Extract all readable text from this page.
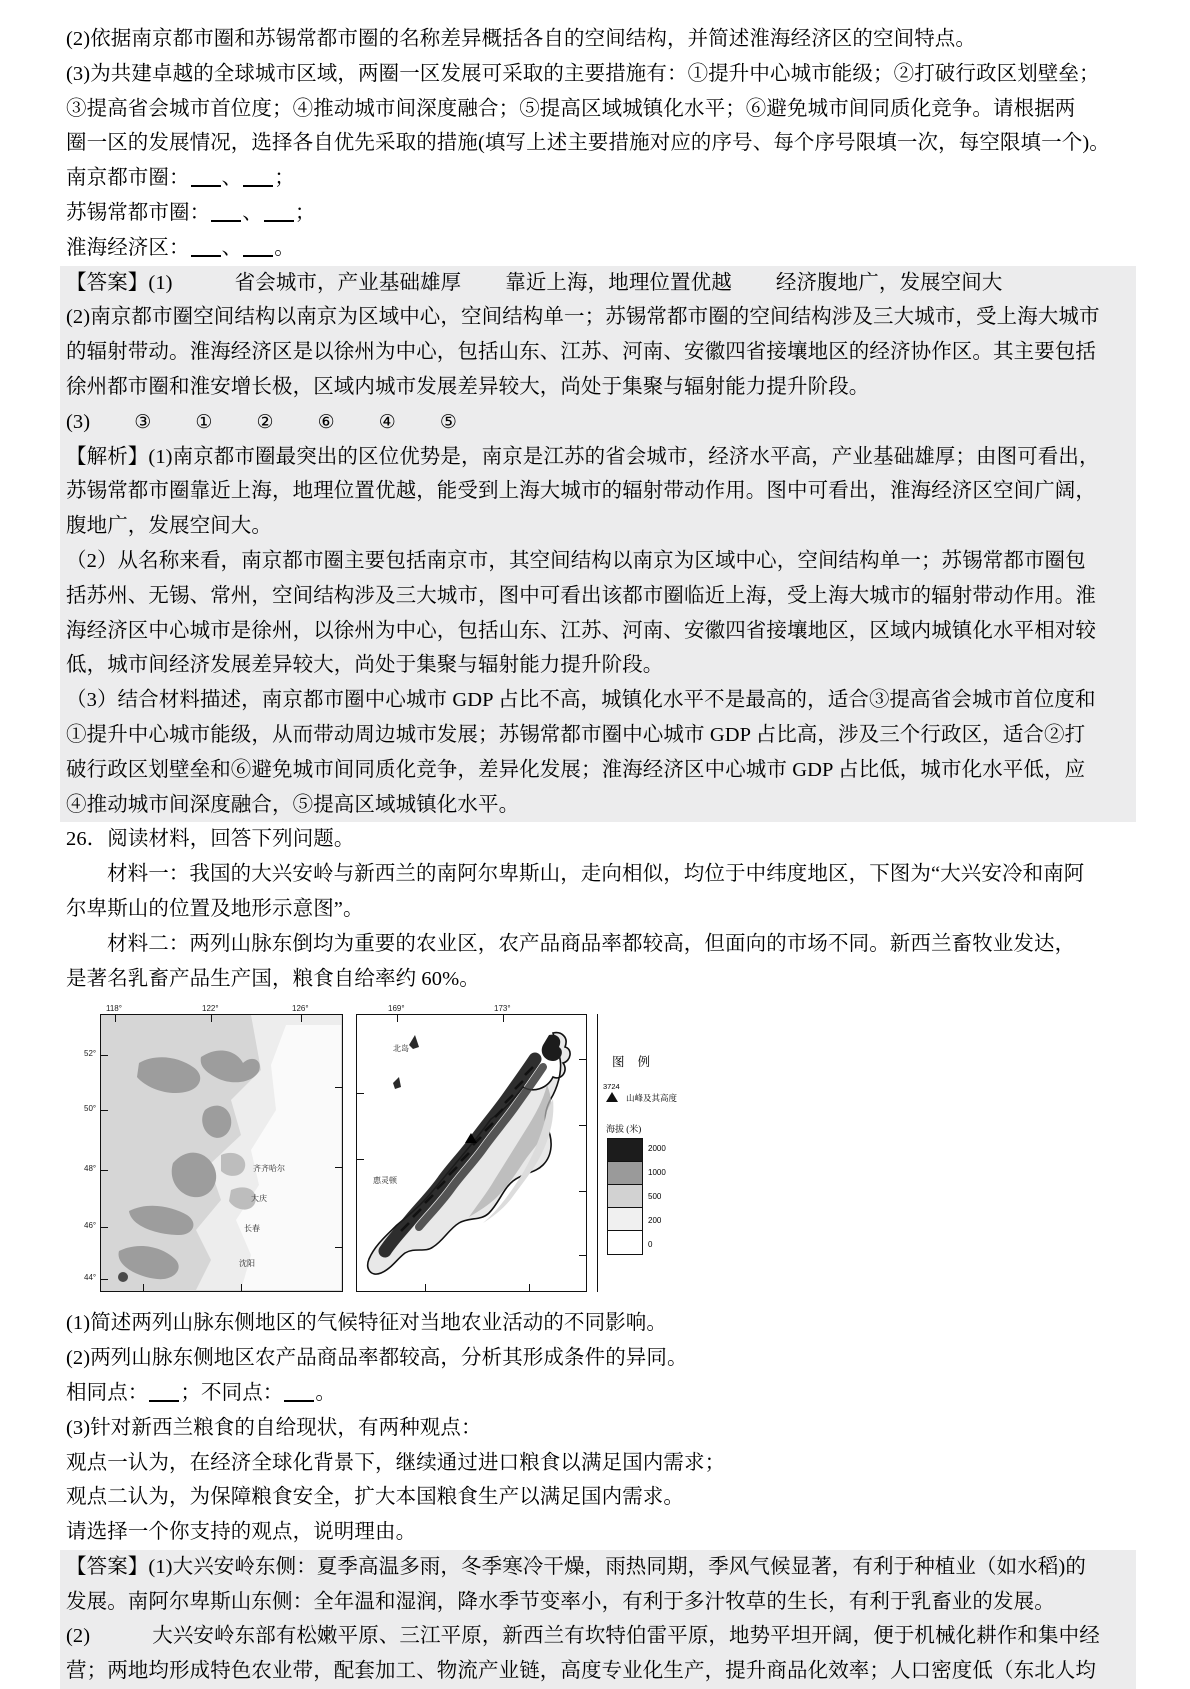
(2)依据南京都市圈和苏锡常都市圈的名称差异概括各自的空间结构，并简述淮海经济区的空间特点。

(3)为共建卓越的全球城市区域，两圈一区发展可采取的主要措施有：①提升中心城市能级；②打破行政区划壁垒；

③提高省会城市首位度；④推动城市间深度融合；⑤提高区域城镇化水平；⑥避免城市间同质化竞争。请根据两

圈一区的发展情况，选择各自优先采取的措施(填写上述主要措施对应的序号、每个序号限填一次，每空限填一个)。

南京都市圈： 、 ；

苏锡常都市圈： 、 ；

淮海经济区： 、 。

【答案】(1)	省会城市，产业基础雄厚 靠近上海，地理位置优越 经济腹地广，发展空间大

(2)南京都市圈空间结构以南京为区域中心，空间结构单一；苏锡常都市圈的空间结构涉及三大城市，受上海大城市

的辐射带动。淮海经济区是以徐州为中心，包括山东、江苏、河南、安徽四省接壤地区的经济协作区。其主要包括

徐州都市圈和淮安增长极，区域内城市发展差异较大，尚处于集聚与辐射能力提升阶段。

(3) ③ ① ② ⑥ ④ ⑤

【解析】(1)南京都市圈最突出的区位优势是，南京是江苏的省会城市，经济水平高，产业基础雄厚；由图可看出，

苏锡常都市圈靠近上海，地理位置优越，能受到上海大城市的辐射带动作用。图中可看出，淮海经济区空间广阔，

腹地广，发展空间大。

（2）从名称来看，南京都市圈主要包括南京市，其空间结构以南京为区域中心，空间结构单一；苏锡常都市圈包

括苏州、无锡、常州，空间结构涉及三大城市，图中可看出该都市圈临近上海，受上海大城市的辐射带动作用。淮

海经济区中心城市是徐州，以徐州为中心，包括山东、江苏、河南、安徽四省接壤地区，区域内城镇化水平相对较

低，城市间经济发展差异较大，尚处于集聚与辐射能力提升阶段。

（3）结合材料描述，南京都市圈中心城市 GDP 占比不高，城镇化水平不是最高的，适合③提高省会城市首位度和

①提升中心城市能级，从而带动周边城市发展；苏锡常都市圈中心城市 GDP 占比高，涉及三个行政区，适合②打

破行政区划壁垒和⑥避免城市间同质化竞争，差异化发展；淮海经济区中心城市 GDP 占比低，城市化水平低，应

④推动城市间深度融合，⑤提高区域城镇化水平。

26．阅读材料，回答下列问题。

材料一：我国的大兴安岭与新西兰的南阿尔卑斯山，走向相似，均位于中纬度地区，下图为“大兴安冷和南阿

尔卑斯山的位置及地形示意图”。

材料二：两列山脉东倒均为重要的农业区，农产品商品率都较高，但面向的市场不同。新西兰畜牧业发达，

是著名乳畜产品生产国，粮食自给率约 60%。

齐齐哈尔
大庆
长春
沈阳
118°	122°	126°
52°
50°
48°
46°
44°
北岛
惠灵顿
169°	173°
图 例
3724
山峰及其高度
海拔 (米)
2000
1000
500
200
0

(1)简述两列山脉东侧地区的气候特征对当地农业活动的不同影响。

(2)两列山脉东侧地区农产品商品率都较高，分析其形成条件的异同。

相同点： ；不同点： 。

(3)针对新西兰粮食的自给现状，有两种观点：

观点一认为，在经济全球化背景下，继续通过进口粮食以满足国内需求；

观点二认为，为保障粮食安全，扩大本国粮食生产以满足国内需求。

请选择一个你支持的观点，说明理由。

【答案】(1)大兴安岭东侧：夏季高温多雨，冬季寒冷干燥，雨热同期，季风气候显著，有利于种植业（如水稻)的

发展。南阿尔卑斯山东侧：全年温和湿润，降水季节变率小，有利于多汁牧草的生长，有利于乳畜业的发展。

(2)	大兴安岭东部有松嫩平原、三江平原，新西兰有坎特伯雷平原，地势平坦开阔，便于机械化耕作和集中经

营；两地均形成特色农业带，配套加工、物流产业链，高度专业化生产，提升商品化效率；人口密度低（东北人均
